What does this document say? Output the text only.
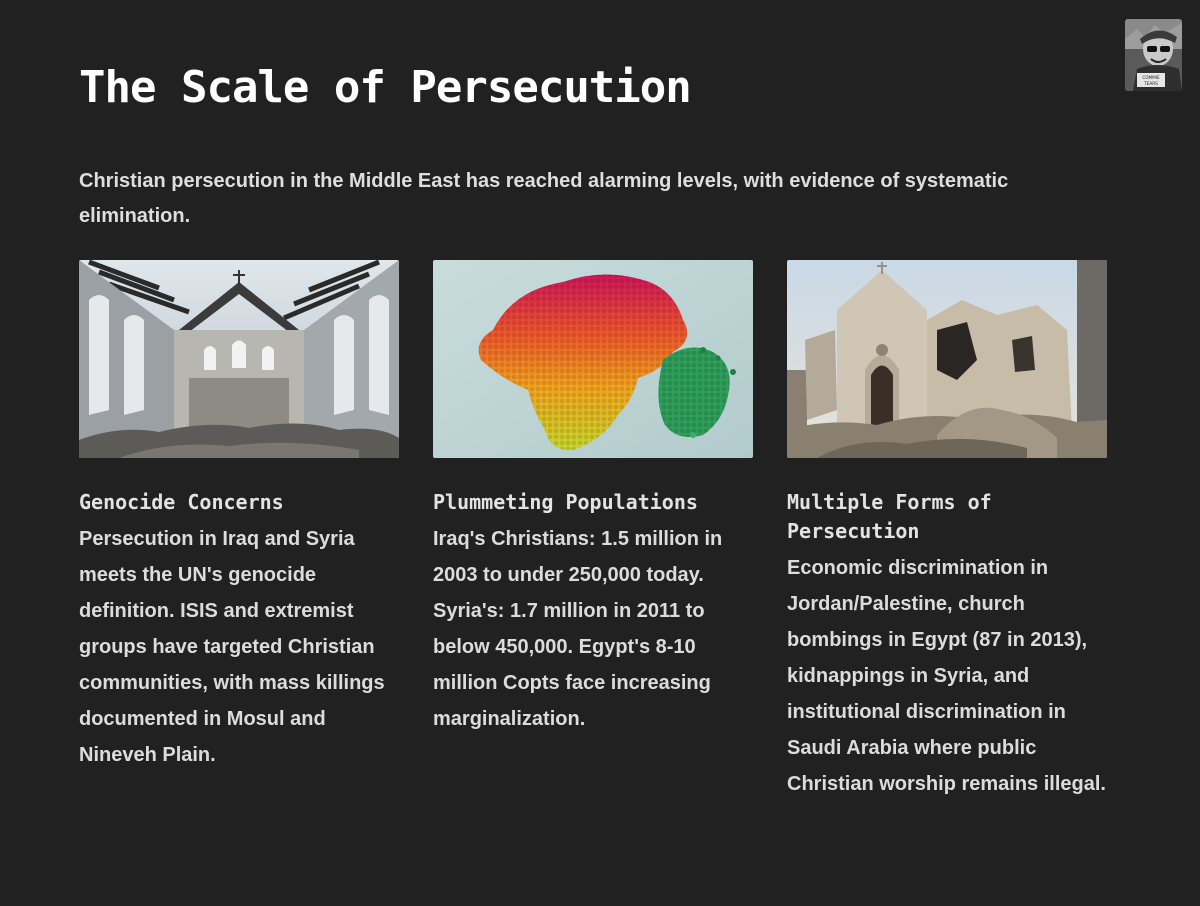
The Scale of Persecution	COMMIE
TEARS

Christian persecution in the Middle East has reached alarming levels, with evidence of systematic elimination.

Genocide Concerns
Persecution in Iraq and Syria meets the UN's genocide definition. ISIS and extremist groups have targeted Christian communities, with mass killings documented in Mosul and Nineveh Plain.
Plummeting Populations
Iraq's Christians: 1.5 million in 2003 to under 250,000 today. Syria's: 1.7 million in 2011 to below 450,000. Egypt's 8-10 million Copts face increasing marginalization.
Multiple Forms of Persecution
Economic discrimination in Jordan/Palestine, church bombings in Egypt (87 in 2013), kidnappings in Syria, and institutional discrimination in Saudi Arabia where public Christian worship remains illegal.
